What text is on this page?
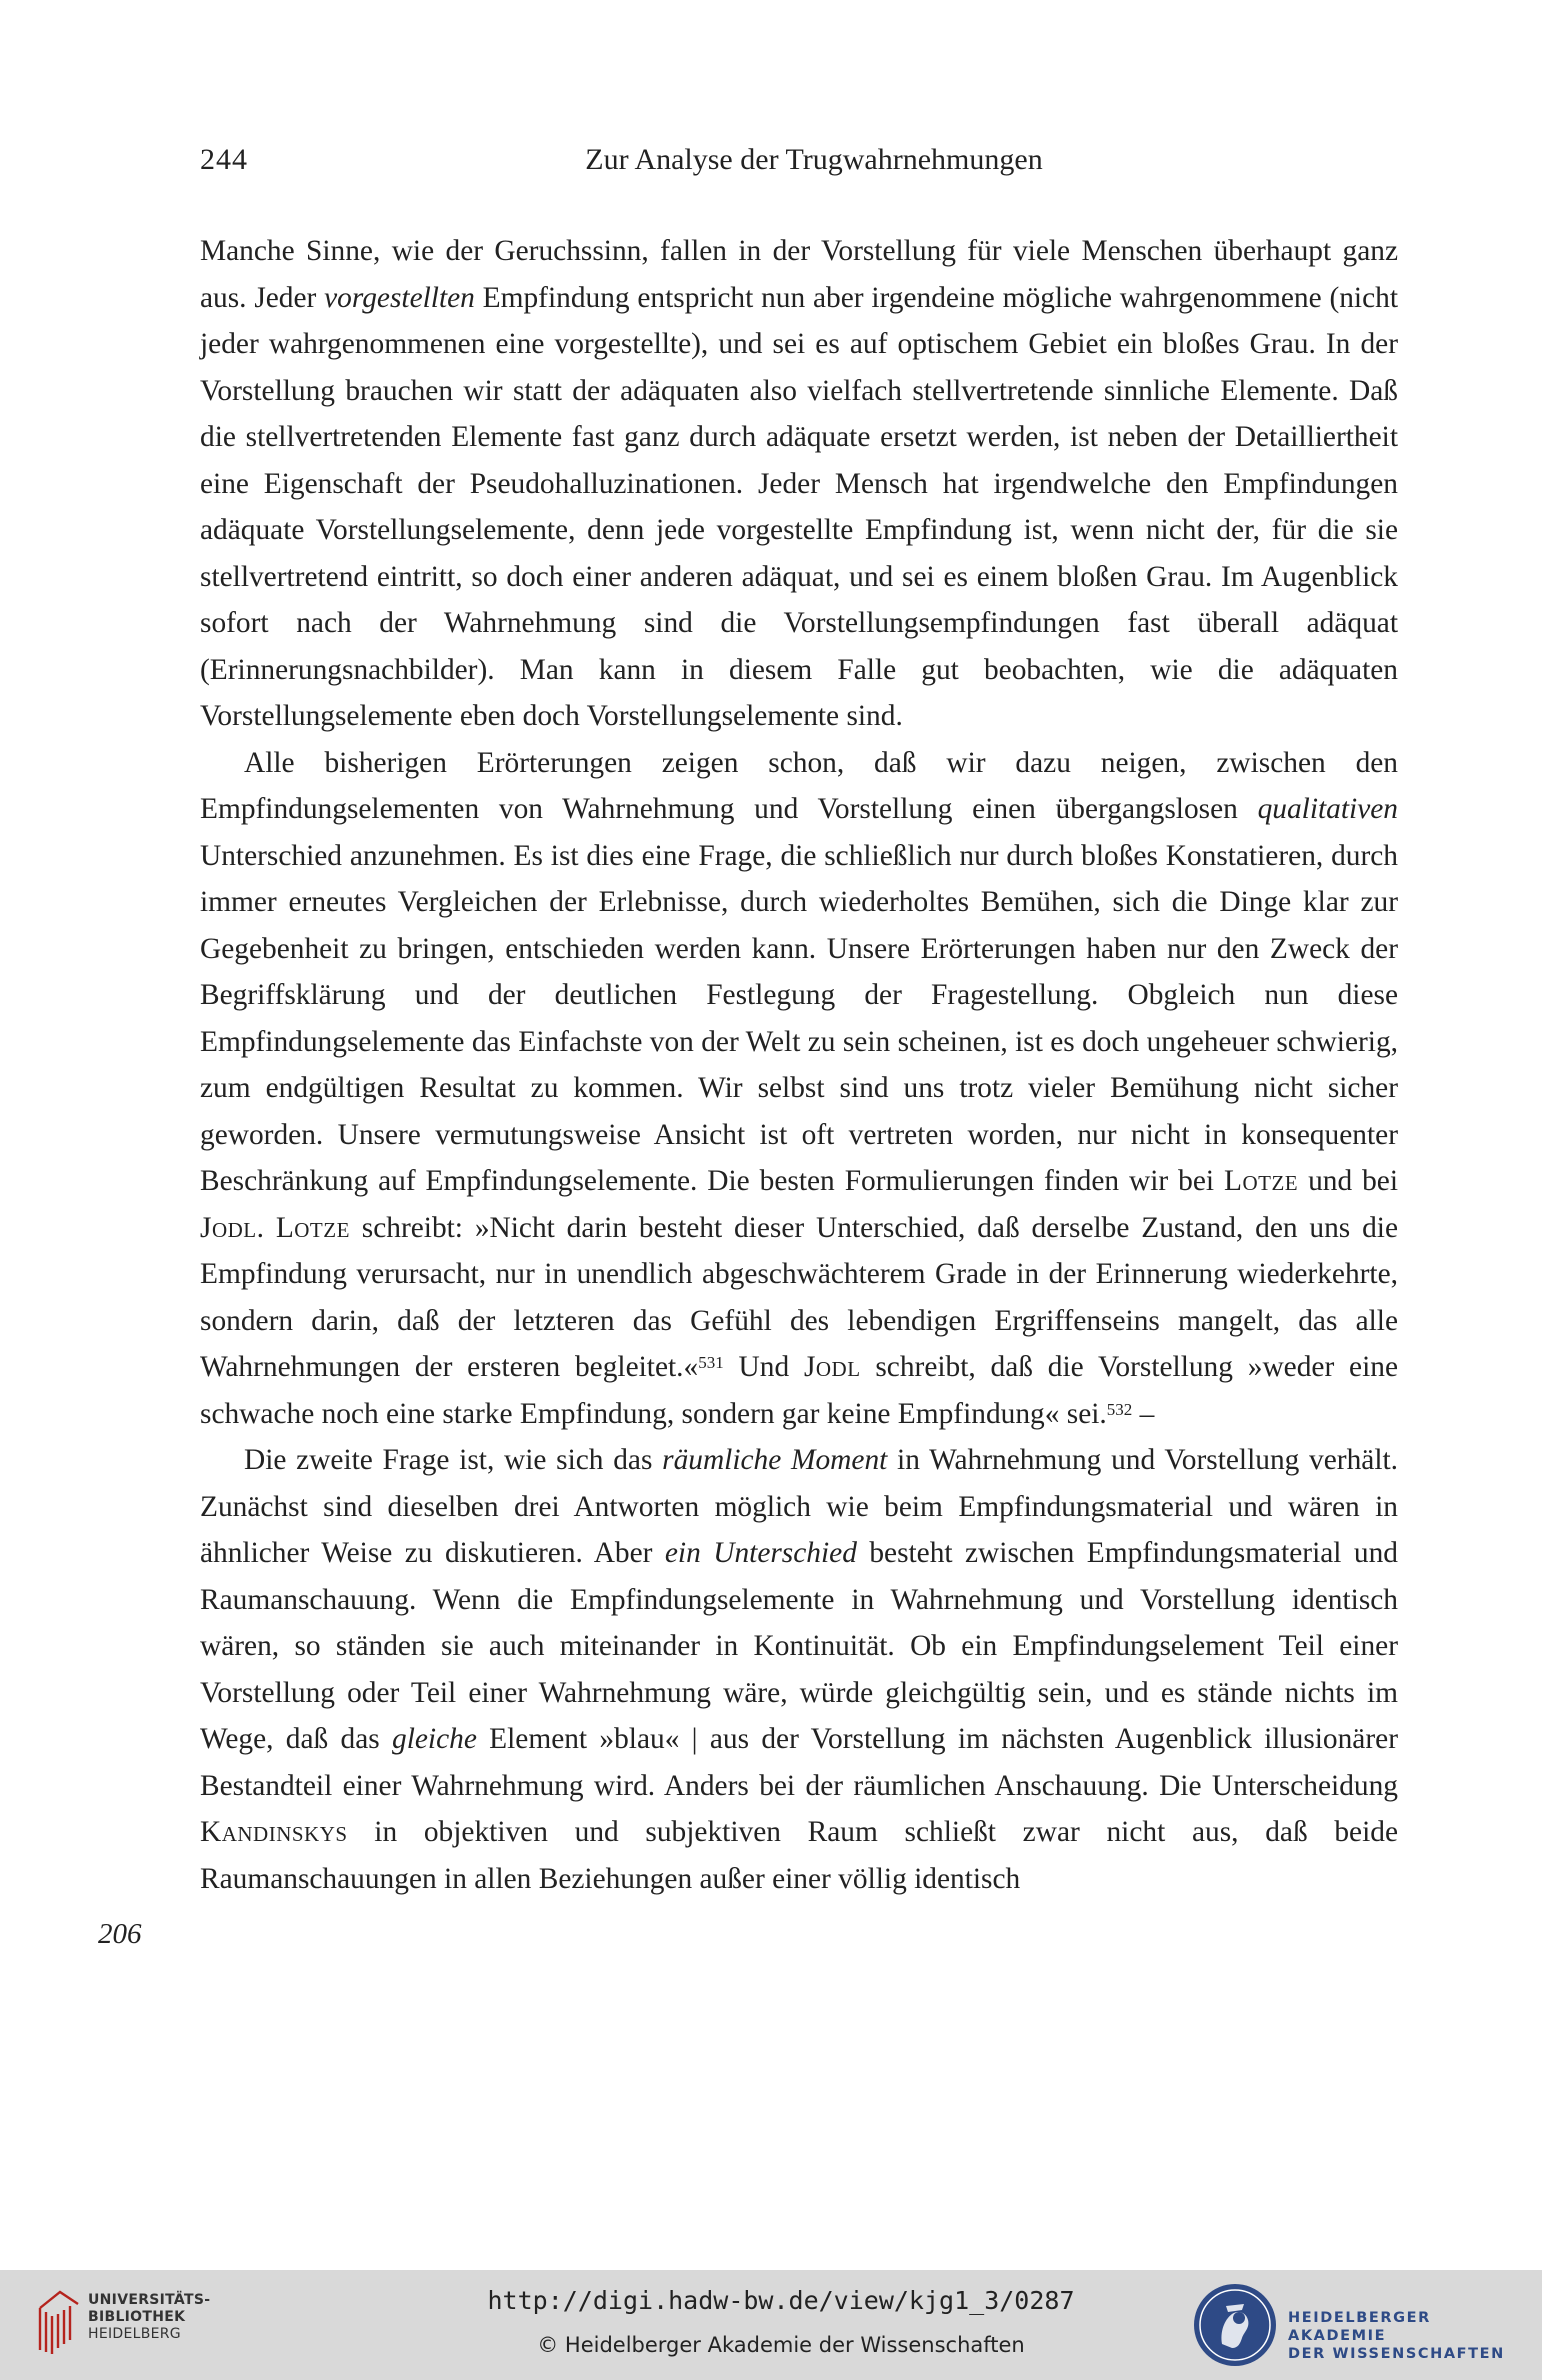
244	Zur Analyse der Trugwahrnehmungen

Manche Sinne, wie der Geruchssinn, fallen in der Vorstellung für viele Menschen überhaupt ganz aus. Jeder vorgestellten Empfindung entspricht nun aber irgendeine mögliche wahrgenommene (nicht jeder wahrgenommenen eine vorgestellte), und sei es auf optischem Gebiet ein bloßes Grau. In der Vorstellung brauchen wir statt der adäquaten also vielfach stellvertretende sinnliche Elemente. Daß die stellvertretenden Elemente fast ganz durch adäquate ersetzt werden, ist neben der Detailliertheit eine Eigenschaft der Pseudohalluzinationen. Jeder Mensch hat irgendwelche den Empfindungen adäquate Vorstellungselemente, denn jede vorgestellte Empfindung ist, wenn nicht der, für die sie stellvertretend eintritt, so doch einer anderen adäquat, und sei es einem bloßen Grau. Im Augenblick sofort nach der Wahrnehmung sind die Vorstellungsempfindungen fast überall adäquat (Erinnerungsnachbilder). Man kann in diesem Falle gut beobachten, wie die adäquaten Vorstellungselemente eben doch Vorstellungselemente sind.

Alle bisherigen Erörterungen zeigen schon, daß wir dazu neigen, zwischen den Empfindungselementen von Wahrnehmung und Vorstellung einen übergangslosen qualitativen Unterschied anzunehmen. Es ist dies eine Frage, die schließlich nur durch bloßes Konstatieren, durch immer erneutes Vergleichen der Erlebnisse, durch wiederholtes Bemühen, sich die Dinge klar zur Gegebenheit zu bringen, entschieden werden kann. Unsere Erörterungen haben nur den Zweck der Begriffsklärung und der deutlichen Festlegung der Fragestellung. Obgleich nun diese Empfindungselemente das Einfachste von der Welt zu sein scheinen, ist es doch ungeheuer schwierig, zum endgültigen Resultat zu kommen. Wir selbst sind uns trotz vieler Bemühung nicht sicher geworden. Unsere vermutungsweise Ansicht ist oft vertreten worden, nur nicht in konsequenter Beschränkung auf Empfindungselemente. Die besten Formulierungen finden wir bei Lotze und bei Jodl. Lotze schreibt: »Nicht darin besteht dieser Unterschied, daß derselbe Zustand, den uns die Empfindung verursacht, nur in unendlich abgeschwächterem Grade in der Erinnerung wiederkehrte, sondern darin, daß der letzteren das Gefühl des lebendigen Ergriffenseins mangelt, das alle Wahrnehmungen der ersteren begleitet.«$^{531}$ Und Jodl schreibt, daß die Vorstellung »weder eine schwache noch eine starke Empfindung, sondern gar keine Empfindung« sei.$^{532}$ –

Die zweite Frage ist, wie sich das räumliche Moment in Wahrnehmung und Vorstellung verhält. Zunächst sind dieselben drei Antworten möglich wie beim Empfindungsmaterial und wären in ähnlicher Weise zu diskutieren. Aber ein Unterschied besteht zwischen Empfindungsmaterial und Raumanschauung. Wenn die Empfindungselemente in Wahrnehmung und Vorstellung identisch wären, so ständen sie auch miteinander in Kontinuität. Ob ein Empfindungselement Teil einer Vorstellung oder Teil einer Wahrnehmung wäre, würde gleichgültig sein, und es stände nichts im Wege, daß das gleiche Element »blau« | aus der Vorstellung im nächsten Augenblick illusionärer Bestandteil einer Wahrnehmung wird. Anders bei der räumlichen Anschauung. Die Unterscheidung Kandinskys in objektiven und subjektiven Raum schließt zwar nicht aus, daß beide Raumanschauungen in allen Beziehungen außer einer völlig identisch

206
UNIVERSITÄTS-
BIBLIOTHEK
HEIDELBERG
http://digi.hadw-bw.de/view/kjg1_3/0287
© Heidelberger Akademie der Wissenschaften
HEIDELBERGER AKADEMIE
DER WISSENSCHAFTEN
